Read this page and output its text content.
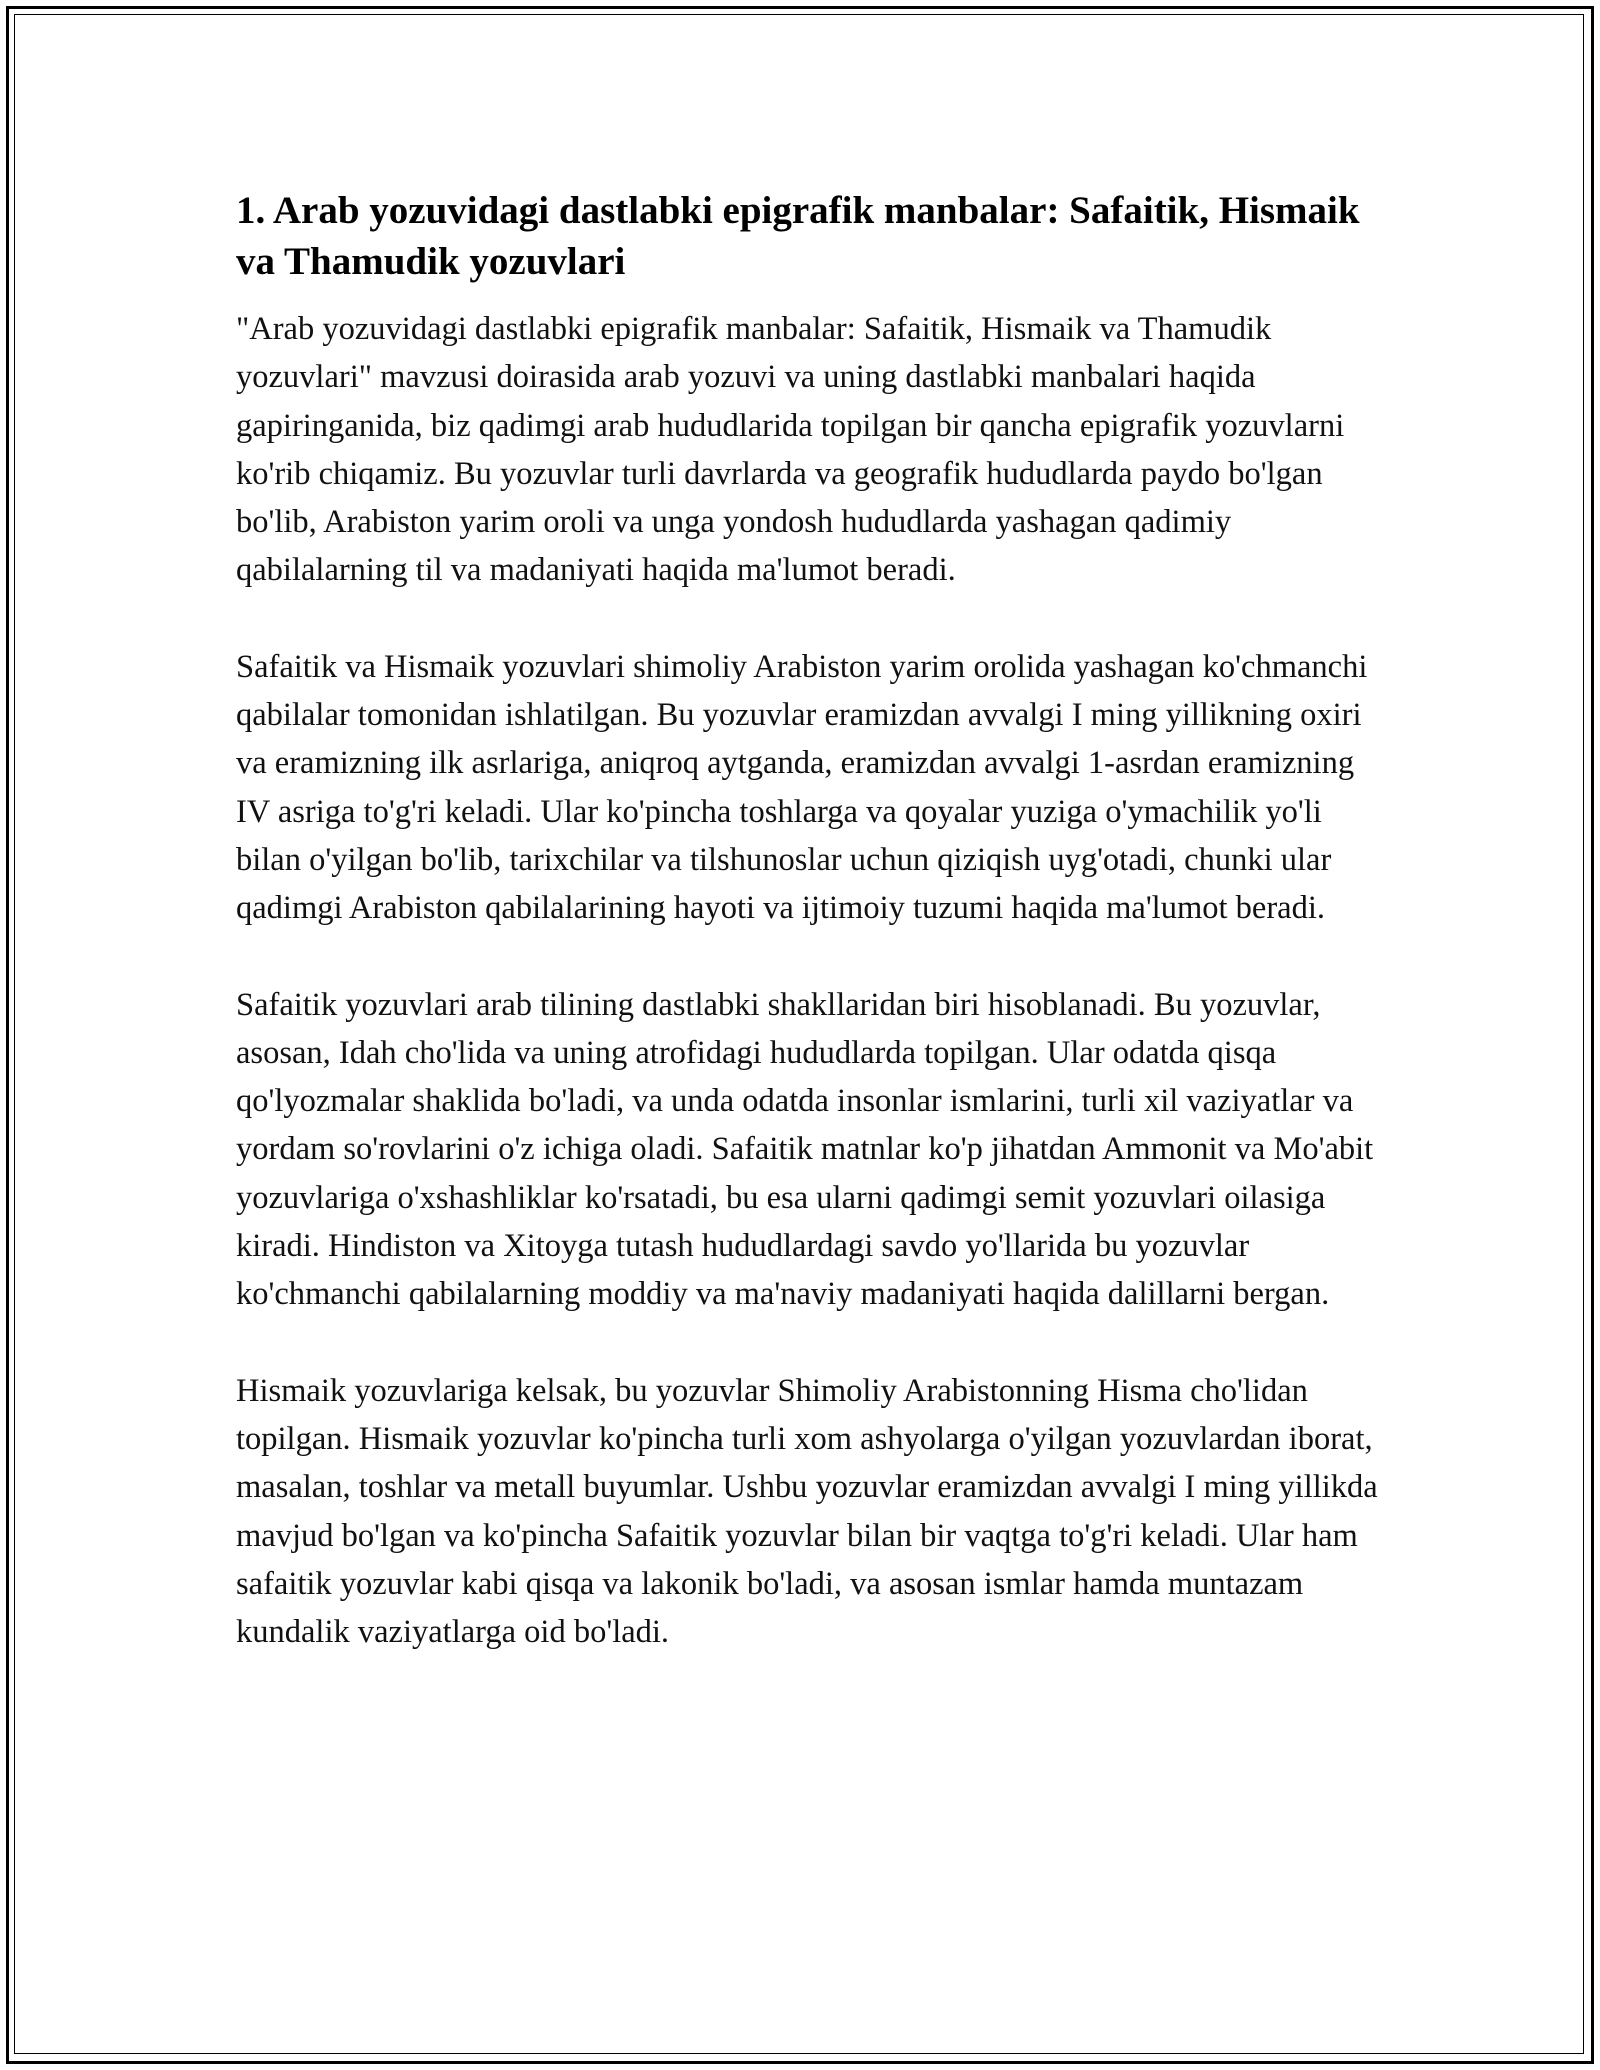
1. Arab yozuvidagi dastlabki epigrafik manbalar: Safaitik, Hismaik va Thamudik yozuvlari

"Arab yozuvidagi dastlabki epigrafik manbalar: Safaitik, Hismaik va Thamudik yozuvlari" mavzusi doirasida arab yozuvi va uning dastlabki manbalari haqida gapiringanida, biz qadimgi arab hududlarida topilgan bir qancha epigrafik yozuvlarni ko'rib chiqamiz. Bu yozuvlar turli davrlarda va geografik hududlarda paydo bo'lgan bo'lib, Arabiston yarim oroli va unga yondosh hududlarda yashagan qadimiy qabilalarning til va madaniyati haqida ma'lumot beradi.

Safaitik va Hismaik yozuvlari shimoliy Arabiston yarim orolida yashagan ko'chmanchi qabilalar tomonidan ishlatilgan. Bu yozuvlar eramizdan avvalgi I ming yillikning oxiri va eramizning ilk asrlariga, aniqroq aytganda, eramizdan avvalgi 1-asrdan eramizning IV asriga to'g'ri keladi. Ular ko'pincha toshlarga va qoyalar yuziga o'ymachilik yo'li bilan o'yilgan bo'lib, tarixchilar va tilshunoslar uchun qiziqish uyg'otadi, chunki ular qadimgi Arabiston qabilalarining hayoti va ijtimoiy tuzumi haqida ma'lumot beradi.

Safaitik yozuvlari arab tilining dastlabki shakllaridan biri hisoblanadi. Bu yozuvlar, asosan, Idah cho'lida va uning atrofidagi hududlarda topilgan. Ular odatda qisqa qo'lyozmalar shaklida bo'ladi, va unda odatda insonlar ismlarini, turli xil vaziyatlar va yordam so'rovlarini o'z ichiga oladi. Safaitik matnlar ko'p jihatdan Ammonit va Mo'abit yozuvlariga o'xshashliklar ko'rsatadi, bu esa ularni qadimgi semit yozuvlari oilasiga kiradi. Hindiston va Xitoyga tutash hududlardagi savdo yo'llarida bu yozuvlar ko'chmanchi qabilalarning moddiy va ma'naviy madaniyati haqida dalillarni bergan.

Hismaik yozuvlariga kelsak, bu yozuvlar Shimoliy Arabistonning Hisma cho'lidan topilgan. Hismaik yozuvlar ko'pincha turli xom ashyolarga o'yilgan yozuvlardan iborat, masalan, toshlar va metall buyumlar. Ushbu yozuvlar eramizdan avvalgi I ming yillikda mavjud bo'lgan va ko'pincha Safaitik yozuvlar bilan bir vaqtga to'g'ri keladi. Ular ham safaitik yozuvlar kabi qisqa va lakonik bo'ladi, va asosan ismlar hamda muntazam kundalik vaziyatlarga oid bo'ladi.
